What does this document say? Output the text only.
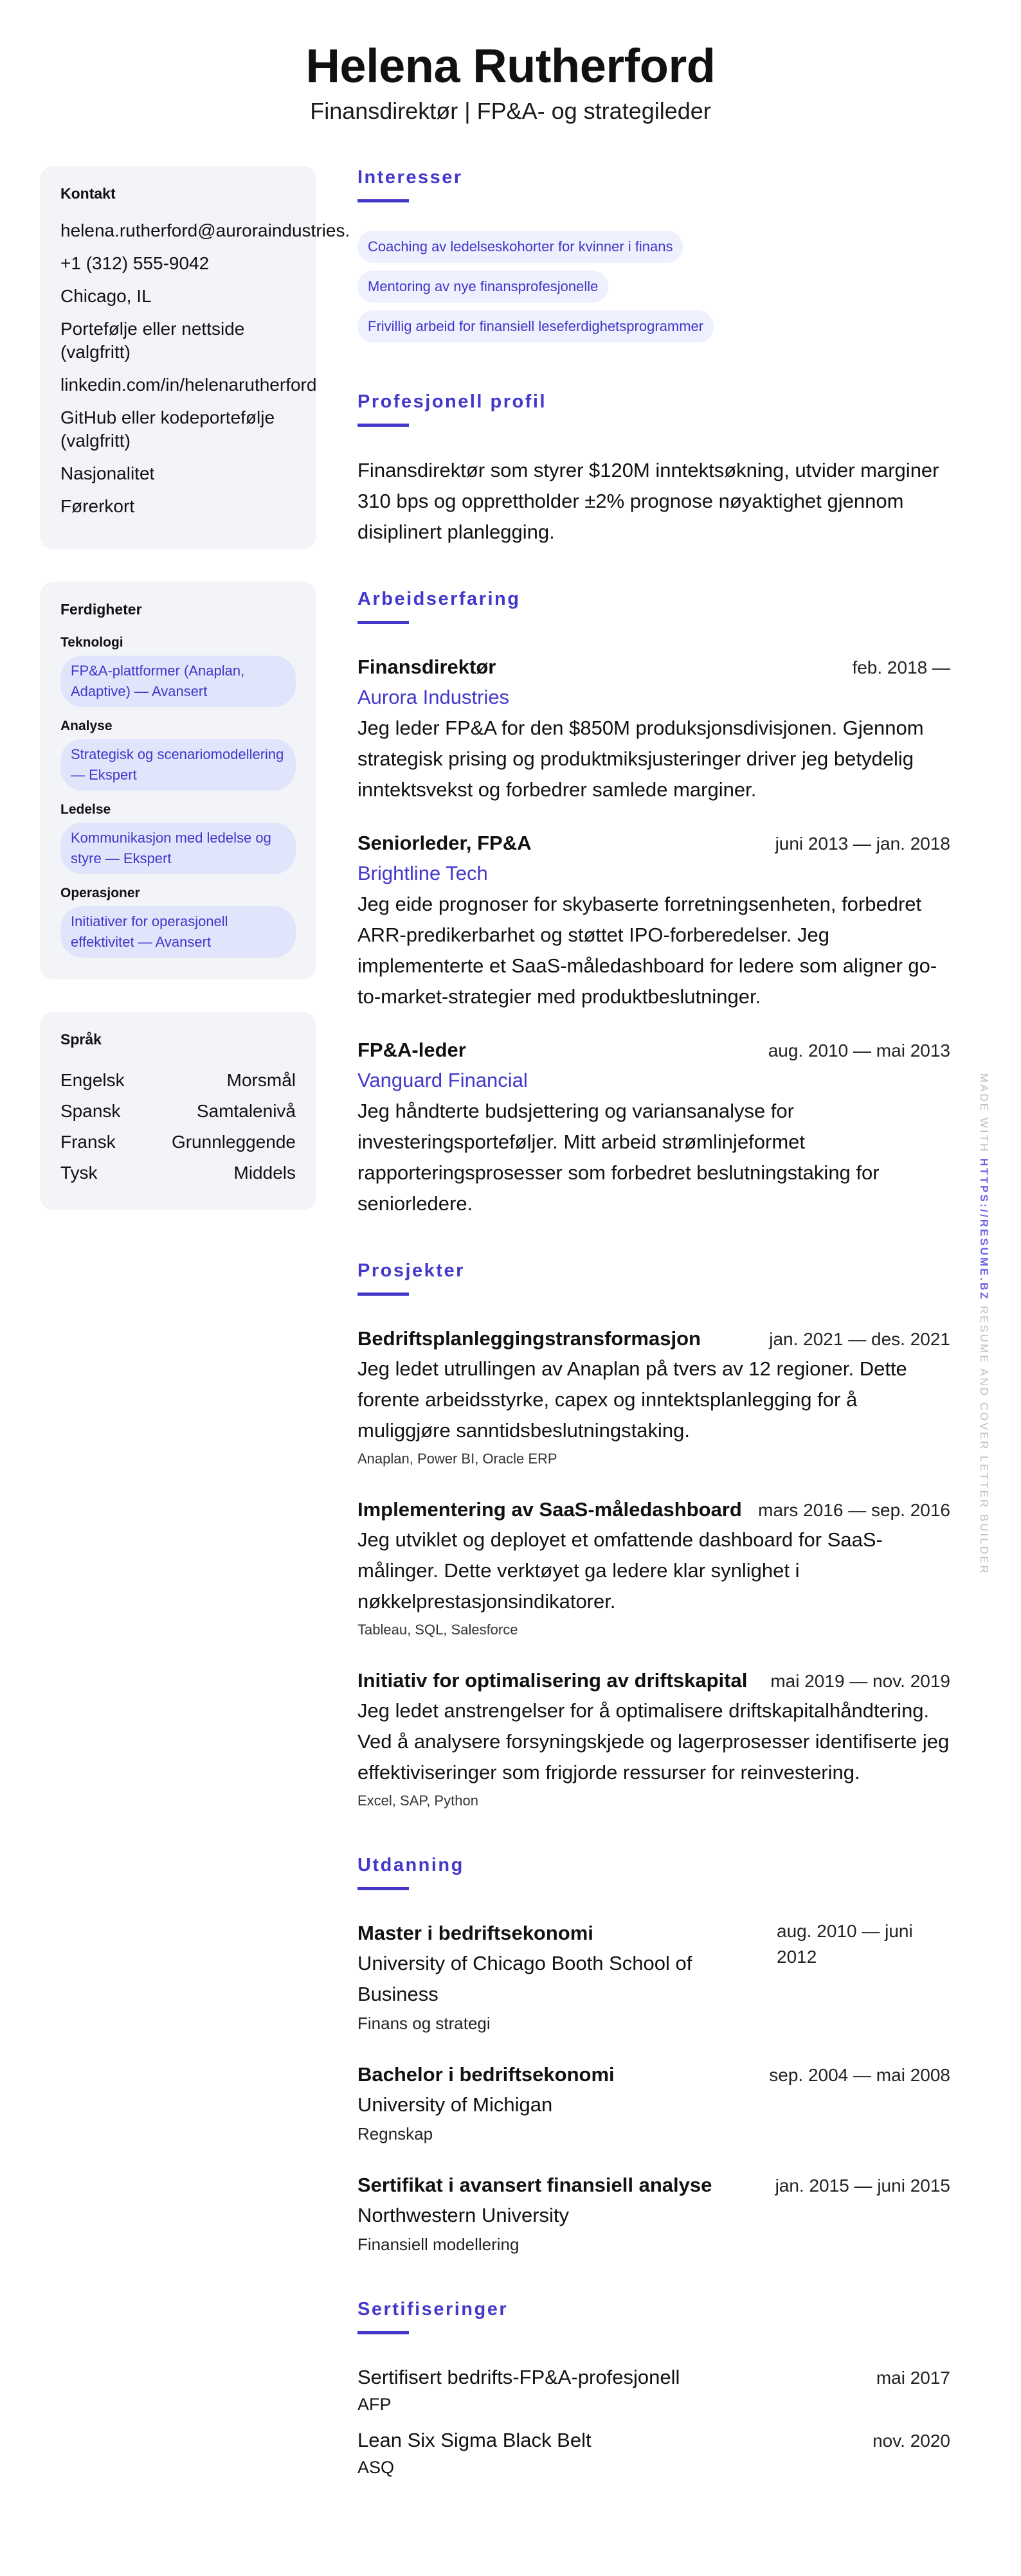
Helena Rutherford
Finansdirektør | FP&A- og strategileder
Kontakt
helena.rutherford@auroraindustries.
+1 (312) 555-9042
Chicago, IL
Portefølje eller nettside (valgfritt)
linkedin.com/in/helenarutherford
GitHub eller kodeportefølje (valgfritt)
Nasjonalitet
Førerkort
Ferdigheter
Teknologi
FP&A-plattformer (Anaplan, Adaptive) — Avansert
Analyse
Strategisk og scenariomodellering — Ekspert
Ledelse
Kommunikasjon med ledelse og styre — Ekspert
Operasjoner
Initiativer for operasjonell effektivitet — Avansert
Språk
Engelsk	Morsmål
Spansk	Samtalenivå
Fransk	Grunnleggende
Tysk	Middels
Interesser
Coaching av ledelseskohorter for kvinner i finans
Mentoring av nye finansprofesjonelle
Frivillig arbeid for finansiell leseferdighetsprogrammer
Profesjonell profil

Finansdirektør som styrer $120M inntektsøkning, utvider marginer 310 bps og opprettholder ±2% prognose nøyaktighet gjennom disiplinert planlegging.

Arbeidserfaring
Finansdirektør	feb. 2018 —
Aurora Industries

Jeg leder FP&A for den $850M produksjonsdivisjonen. Gjennom strategisk prising og produktmiksjusteringer driver jeg betydelig inntektsvekst og forbedrer samlede marginer.

Seniorleder, FP&A	juni 2013 — jan. 2018
Brightline Tech

Jeg eide prognoser for skybaserte forretningsenheten, forbedret ARR-predikerbarhet og støttet IPO-forberedelser. Jeg implementerte et SaaS-måledashboard for ledere som aligner go-to-market-strategier med produktbeslutninger.

FP&A-leder	aug. 2010 — mai 2013
Vanguard Financial

Jeg håndterte budsjettering og variansanalyse for investeringsporteføljer. Mitt arbeid strømlinjeformet rapporteringsprosesser som forbedret beslutningstaking for seniorledere.

Prosjekter
Bedriftsplanleggingstransformasjon	jan. 2021 — des. 2021

Jeg ledet utrullingen av Anaplan på tvers av 12 regioner. Dette forente arbeidsstyrke, capex og inntektsplanlegging for å muliggjøre sanntidsbeslutningstaking.

Anaplan, Power BI, Oracle ERP
Implementering av SaaS-måledashboard mars 2016 — sep. 2016

Jeg utviklet og deployet et omfattende dashboard for SaaS-målinger. Dette verktøyet ga ledere klar synlighet i nøkkelprestasjonsindikatorer.

Tableau, SQL, Salesforce
Initiativ for optimalisering av driftskapital	mai 2019 — nov. 2019

Jeg ledet anstrengelser for å optimalisere driftskapitalhåndtering. Ved å analysere forsyningskjede og lagerprosesser identifiserte jeg effektiviseringer som frigjorde ressurser for reinvestering.

Excel, SAP, Python
Utdanning
Master i bedriftsekonomi
University of Chicago Booth School of Business
Finans og strategi
aug. 2010 — juni 2012
Bachelor i bedriftsekonomi	sep. 2004 — mai 2008
University of Michigan
Regnskap
Sertifikat i avansert finansiell analyse	jan. 2015 — juni 2015
Northwestern University
Finansiell modellering
Sertifiseringer
Sertifisert bedrifts-FP&A-profesjonell	mai 2017
AFP
Lean Six Sigma Black Belt	nov. 2020
ASQ
MADE WITH HTTPS://RESUME.BZ RESUME AND COVER LETTER BUILDER
